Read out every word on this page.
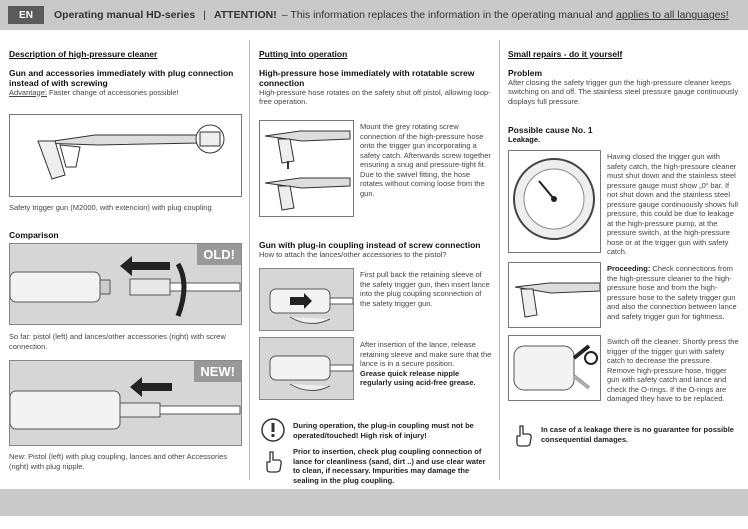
EN	Operating manual HD-series | ATTENTION! – This information replaces the information in the operating manual and applies to all languages!
Description of high-pressure cleaner
Gun and accessories immediately with plug connection instead of with screwing
Advantage: Faster change of accessories possible!
Safety trigger gun (M2000, with extencion) with plug coupling
Comparison
OLD!
So far: pistol (left) and lances/other accessories (right) with screw connection.
NEW!
New: Pistol (left) with plug coupling, lances and other Accessories (right) with plug nipple.
Putting into operation
High-pressure hose immediately with rotatable screw connection
High-pressure hose rotates on the safety shut off pistol, allowing loop-free operation.
Mount the grey rotating screw connection of the high-pressure hose onto the trigger gun incorporating a safety catch. Afterwards screw together ensuring a snug and pressure-tight fit.
Due to the swivel fitting, the hose rotates without coming loose from the gun.
Gun with plug-in coupling instead of screw connection
How to attach the lances/other accessories to the pistol?
First pull back the retaining sleeve of the safety trigger gun, then insert lance into the plug coupling sconnection of the safety trigger gun.
After insertion of the lance, release retaining sleeve and make sure that the lance is in a secure position.
Grease quick release nipple regularly using acid-free grease.
During operation, the plug-in coupling must not be operated/touched! High risk of injury!
Prior to insertion, check plug coupling connection of lance for cleanliness (sand, dirt ..) and use clear water to clean, if necessary. Impurities may damage the sealing in the plug coupling.
Small repairs - do it yourself
Problem
After closing the safety trigger gun the high-pressure cleaner keeps switching on and off. The stainless steel pressure gauge continuously displays full pressure.
Possible cause No. 1
Leakage.
Having closed the trigger gun with safety catch, the high-pressure cleaner must shut down and the stainless steel pressure gauge must show „0“ bar. If not shut down and the stainless steel pressure gauge continuously shows full pressure, this could be due to leakage at the high-pressure pump, at the pressure switch, at the high-pressure hose or at the trigger gun with safety catch.
Proceeding: Check connections from the high-pressure cleaner to the high-pressure hose and from the high-pressure hose to the safety trigger gun and also the connection between lance and safety trigger gun for tightness.
Switch off the cleaner. Shortly press the trigger of the trigger gun with safety catch to decrease the pressure. Remove high-pressure hose, trigger gun with safety catch and lance and check the O-rings. If the O-rings are damaged they have to be replaced.
In case of a leakage there is no guarantee for possible consequential damages.
